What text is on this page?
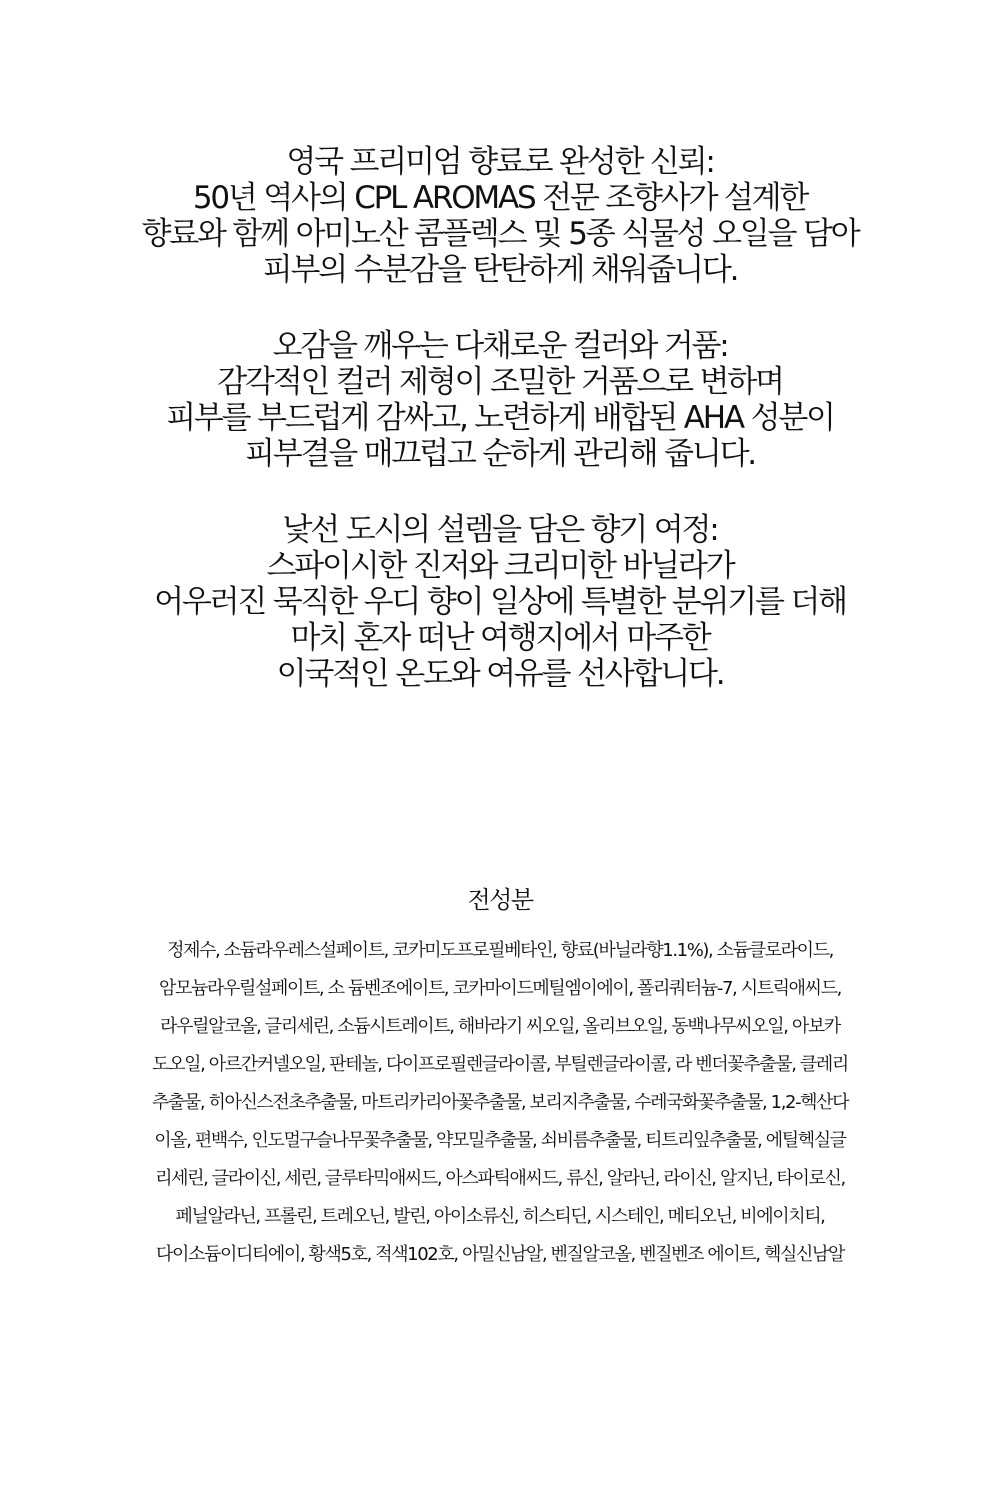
영국 프리미엄 향료로 완성한 신뢰:
50년 역사의 CPL AROMAS 전문 조향사가 설계한
향료와 함께 아미노산 콤플렉스 및 5종 식물성 오일을 담아
피부의 수분감을 탄탄하게 채워줍니다.
오감을 깨우는 다채로운 컬러와 거품:
감각적인 컬러 제형이 조밀한 거품으로 변하며
피부를 부드럽게 감싸고, 노련하게 배합된 AHA 성분이
피부결을 매끄럽고 순하게 관리해 줍니다.
낯선 도시의 설렘을 담은 향기 여정:
스파이시한 진저와 크리미한 바닐라가
어우러진 묵직한 우디 향이 일상에 특별한 분위기를 더해
마치 혼자 떠난 여행지에서 마주한
이국적인 온도와 여유를 선사합니다.
전성분
정제수, 소듐라우레스설페이트, 코카미도프로필베타인, 향료(바닐라향1.1%), 소듐클로라이드,
암모늄라우릴설페이트, 소 듐벤조에이트, 코카마이드메틸엠이에이, 폴리쿼터늄-7, 시트릭애씨드,
라우릴알코올, 글리세린, 소듐시트레이트, 해바라기 씨오일, 올리브오일, 동백나무씨오일, 아보카
도오일, 아르간커넬오일, 판테놀, 다이프로필렌글라이콜, 부틸렌글라이콜, 라 벤더꽃추출물, 클레리
추출물, 히아신스전초추출물, 마트리카리아꽃추출물, 보리지추출물, 수레국화꽃추출물, 1,2-헥산다
이올, 편백수, 인도멀구슬나무꽃추출물, 약모밀추출물, 쇠비름추출물, 티트리잎추출물, 에틸헥실글
리세린, 글라이신, 세린, 글루타믹애씨드, 아스파틱애씨드, 류신, 알라닌, 라이신, 알지닌, 타이로신,
페닐알라닌, 프롤린, 트레오닌, 발린, 아이소류신, 히스티딘, 시스테인, 메티오닌, 비에이치티,
다이소듐이디티에이, 황색5호, 적색102호, 아밀신남알, 벤질알코올, 벤질벤조 에이트, 헥실신남알
